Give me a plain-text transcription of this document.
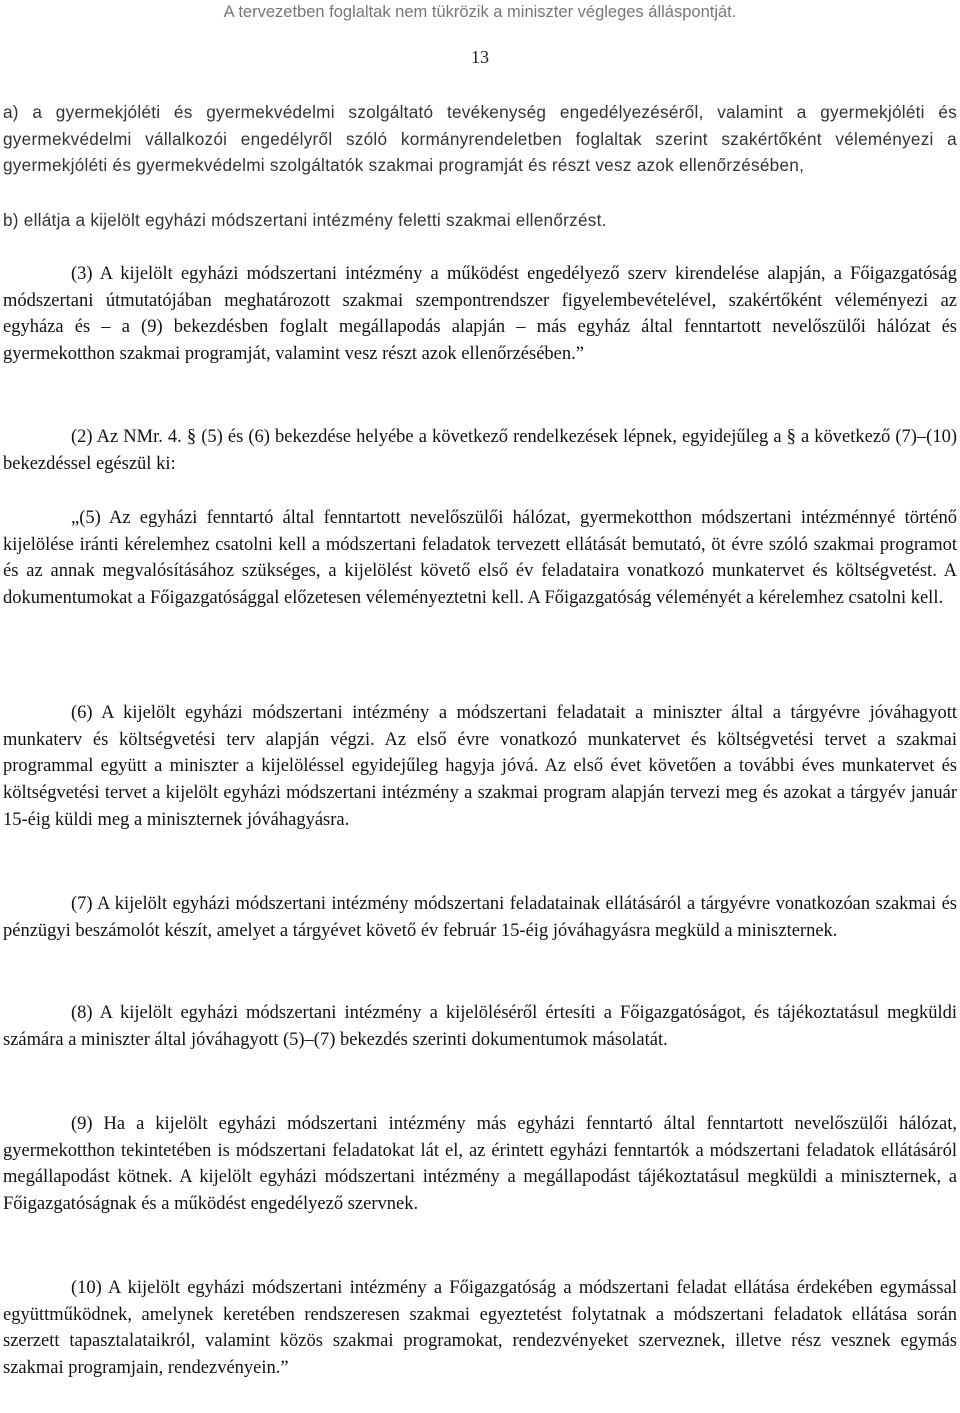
A tervezetben foglaltak nem tükrözik a miniszter végleges álláspontját.
13

a) a gyermekjóléti és gyermekvédelmi szolgáltató tevékenység engedélyezéséről, valamint a gyermekjóléti és gyermekvédelmi vállalkozói engedélyről szóló kormányrendeletben foglaltak szerint szakértőként véleményezi a gyermekjóléti és gyermekvédelmi szolgáltatók szakmai programját és részt vesz azok ellenőrzésében,

b) ellátja a kijelölt egyházi módszertani intézmény feletti szakmai ellenőrzést.

(3) A kijelölt egyházi módszertani intézmény a működést engedélyező szerv kirendelése alapján, a Főigazgatóság módszertani útmutatójában meghatározott szakmai szempontrendszer figyelembevételével, szakértőként véleményezi az egyháza és – a (9) bekezdésben foglalt megállapodás alapján – más egyház által fenntartott nevelőszülői hálózat és gyermekotthon szakmai programját, valamint vesz részt azok ellenőrzésében.”

(2) Az NMr. 4. § (5) és (6) bekezdése helyébe a következő rendelkezések lépnek, egyidejűleg a § a következő (7)–(10) bekezdéssel egészül ki:

„(5) Az egyházi fenntartó által fenntartott nevelőszülői hálózat, gyermekotthon módszertani intézménnyé történő kijelölése iránti kérelemhez csatolni kell a módszertani feladatok tervezett ellátását bemutató, öt évre szóló szakmai programot és az annak megvalósításához szükséges, a kijelölést követő első év feladataira vonatkozó munkatervet és költségvetést. A dokumentumokat a Főigazgatósággal előzetesen véleményeztetni kell. A Főigazgatóság véleményét a kérelemhez csatolni kell.

(6) A kijelölt egyházi módszertani intézmény a módszertani feladatait a miniszter által a tárgyévre jóváhagyott munkaterv és költségvetési terv alapján végzi. Az első évre vonatkozó munkatervet és költségvetési tervet a szakmai programmal együtt a miniszter a kijelöléssel egyidejűleg hagyja jóvá. Az első évet követően a további éves munkatervet és költségvetési tervet a kijelölt egyházi módszertani intézmény a szakmai program alapján tervezi meg és azokat a tárgyév január 15-éig küldi meg a miniszternek jóváhagyásra.

(7) A kijelölt egyházi módszertani intézmény módszertani feladatainak ellátásáról a tárgyévre vonatkozóan szakmai és pénzügyi beszámolót készít, amelyet a tárgyévet követő év február 15-éig jóváhagyásra megküld a miniszternek.

(8) A kijelölt egyházi módszertani intézmény a kijelöléséről értesíti a Főigazgatóságot, és tájékoztatásul megküldi számára a miniszter által jóváhagyott (5)–(7) bekezdés szerinti dokumentumok másolatát.

(9) Ha a kijelölt egyházi módszertani intézmény más egyházi fenntartó által fenntartott nevelőszülői hálózat, gyermekotthon tekintetében is módszertani feladatokat lát el, az érintett egyházi fenntartók a módszertani feladatok ellátásáról megállapodást kötnek. A kijelölt egyházi módszertani intézmény a megállapodást tájékoztatásul megküldi a miniszternek, a Főigazgatóságnak és a működést engedélyező szervnek.

(10) A kijelölt egyházi módszertani intézmény a Főigazgatóság a módszertani feladat ellátása érdekében egymással együttműködnek, amelynek keretében rendszeresen szakmai egyeztetést folytatnak a módszertani feladatok ellátása során szerzett tapasztalataikról, valamint közös szakmai programokat, rendezvényeket szerveznek, illetve rész vesznek egymás szakmai programjain, rendezvényein.”
